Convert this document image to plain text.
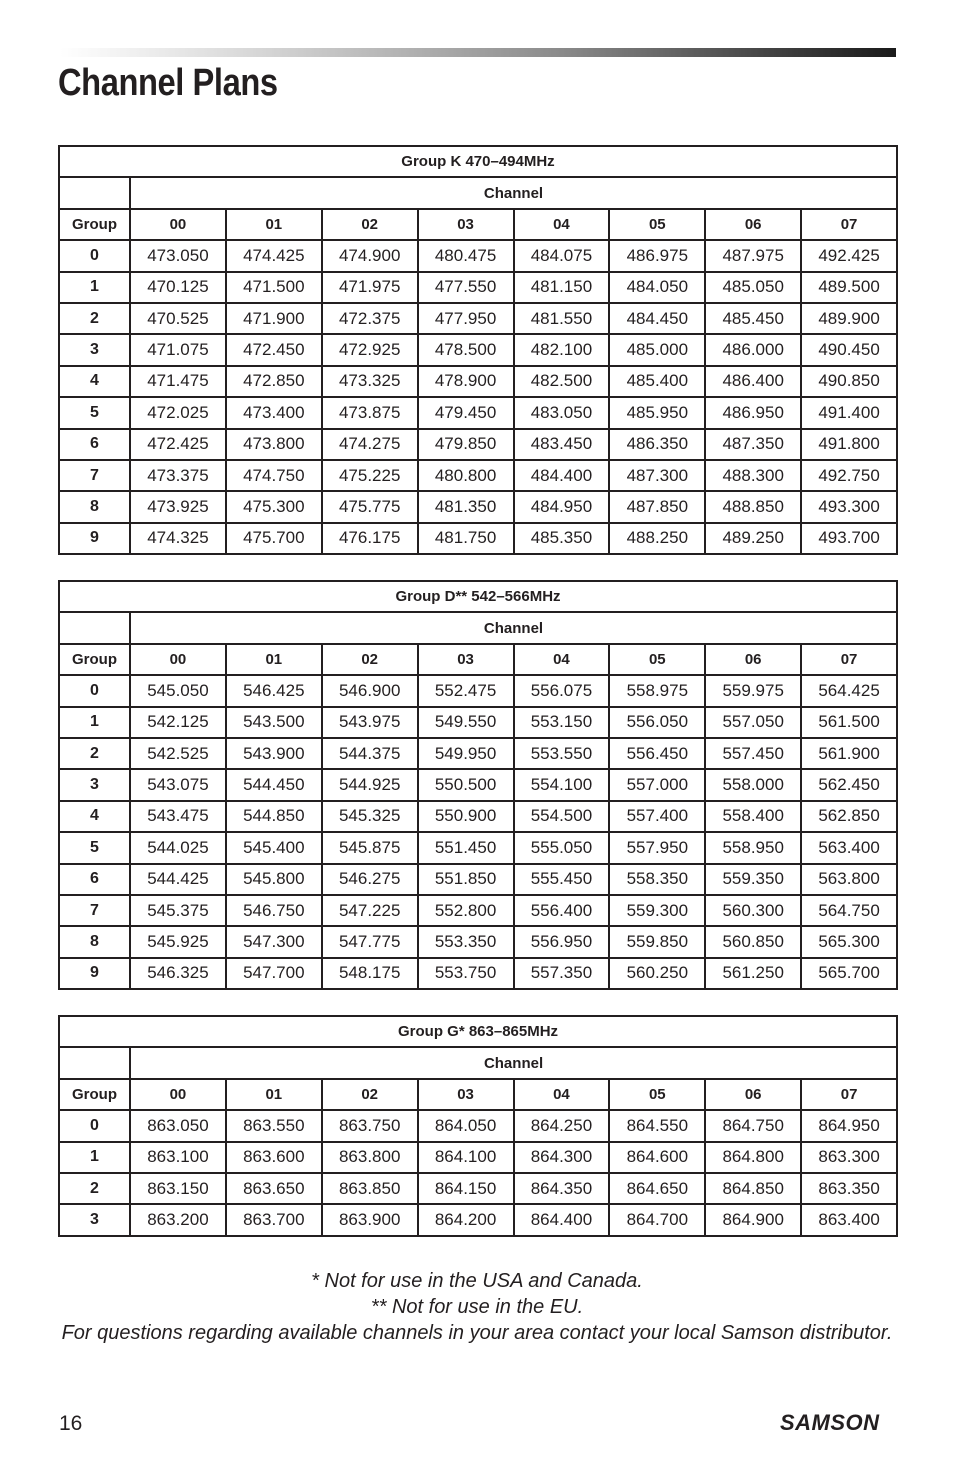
Channel Plans
Group K 470–494MHz								
	Channel							
Group	00	01	02	03	04	05	06	07
0	473.050	474.425	474.900	480.475	484.075	486.975	487.975	492.425
1	470.125	471.500	471.975	477.550	481.150	484.050	485.050	489.500
2	470.525	471.900	472.375	477.950	481.550	484.450	485.450	489.900
3	471.075	472.450	472.925	478.500	482.100	485.000	486.000	490.450
4	471.475	472.850	473.325	478.900	482.500	485.400	486.400	490.850
5	472.025	473.400	473.875	479.450	483.050	485.950	486.950	491.400
6	472.425	473.800	474.275	479.850	483.450	486.350	487.350	491.800
7	473.375	474.750	475.225	480.800	484.400	487.300	488.300	492.750
8	473.925	475.300	475.775	481.350	484.950	487.850	488.850	493.300
9	474.325	475.700	476.175	481.750	485.350	488.250	489.250	493.700
Group D** 542–566MHz								
	Channel							
Group	00	01	02	03	04	05	06	07
0	545.050	546.425	546.900	552.475	556.075	558.975	559.975	564.425
1	542.125	543.500	543.975	549.550	553.150	556.050	557.050	561.500
2	542.525	543.900	544.375	549.950	553.550	556.450	557.450	561.900
3	543.075	544.450	544.925	550.500	554.100	557.000	558.000	562.450
4	543.475	544.850	545.325	550.900	554.500	557.400	558.400	562.850
5	544.025	545.400	545.875	551.450	555.050	557.950	558.950	563.400
6	544.425	545.800	546.275	551.850	555.450	558.350	559.350	563.800
7	545.375	546.750	547.225	552.800	556.400	559.300	560.300	564.750
8	545.925	547.300	547.775	553.350	556.950	559.850	560.850	565.300
9	546.325	547.700	548.175	553.750	557.350	560.250	561.250	565.700
Group G* 863–865MHz								
	Channel							
Group	00	01	02	03	04	05	06	07
0	863.050	863.550	863.750	864.050	864.250	864.550	864.750	864.950
1	863.100	863.600	863.800	864.100	864.300	864.600	864.800	863.300
2	863.150	863.650	863.850	864.150	864.350	864.650	864.850	863.350
3	863.200	863.700	863.900	864.200	864.400	864.700	864.900	863.400
* Not for use in the USA and Canada.
** Not for use in the EU.
For questions regarding available channels in your area contact your local Samson distributor.
16	SAMSON
